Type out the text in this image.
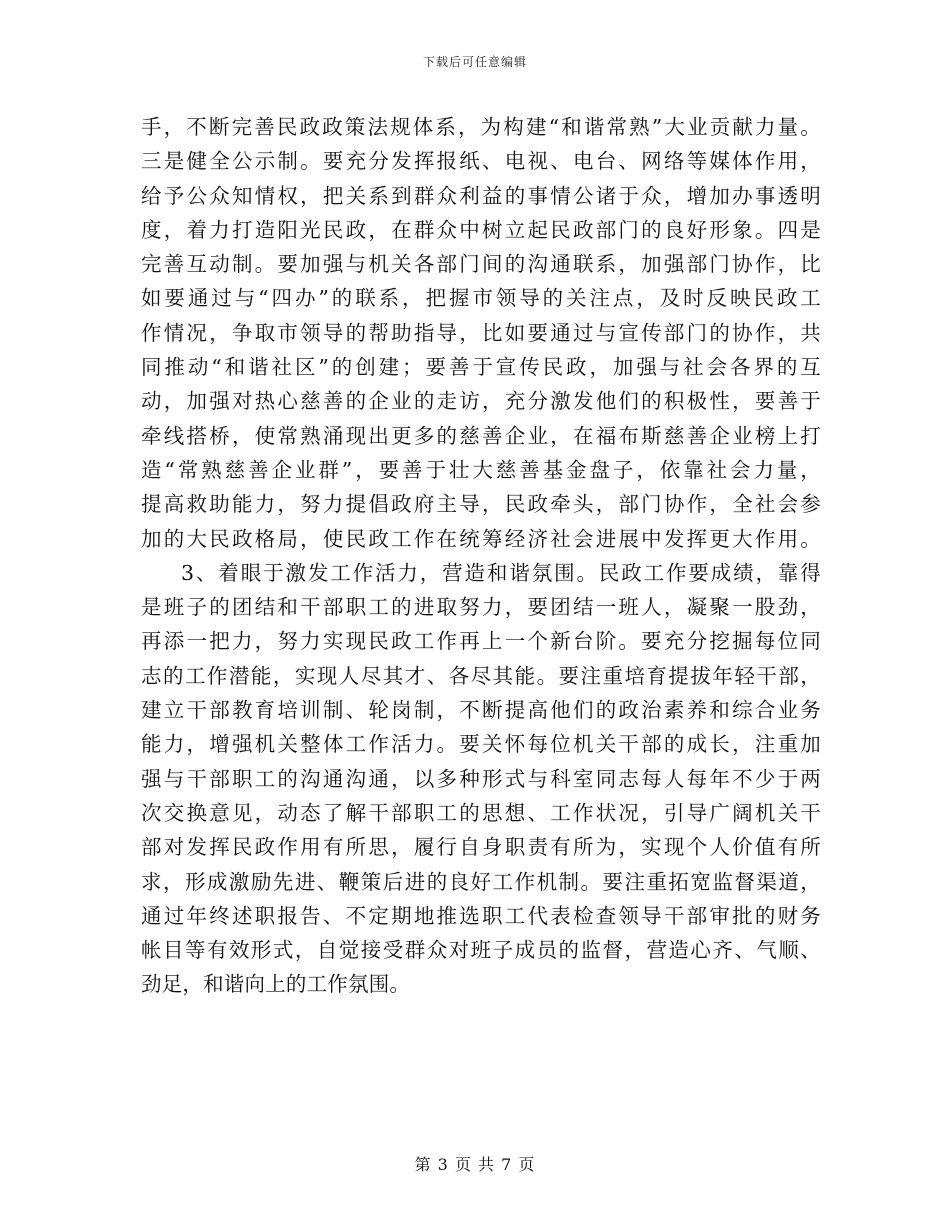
下载后可任意编辑
手，不断完善民政政策法规体系，为构建“和谐常熟”大业贡献力量。
三是健全公示制。要充分发挥报纸、电视、电台、网络等媒体作用，
给予公众知情权，把关系到群众利益的事情公诸于众，增加办事透明
度，着力打造阳光民政，在群众中树立起民政部门的良好形象。四是
完善互动制。要加强与机关各部门间的沟通联系，加强部门协作，比
如要通过与“四办”的联系，把握市领导的关注点，及时反映民政工
作情况，争取市领导的帮助指导，比如要通过与宣传部门的协作，共
同推动“和谐社区”的创建；要善于宣传民政，加强与社会各界的互
动，加强对热心慈善的企业的走访，充分激发他们的积极性，要善于
牵线搭桥，使常熟涌现出更多的慈善企业，在福布斯慈善企业榜上打
造“常熟慈善企业群”，要善于壮大慈善基金盘子，依靠社会力量，
提高救助能力，努力提倡政府主导，民政牵头，部门协作，全社会参
加的大民政格局，使民政工作在统筹经济社会进展中发挥更大作用。
3、着眼于激发工作活力，营造和谐氛围。民政工作要成绩，靠得
是班子的团结和干部职工的进取努力，要团结一班人，凝聚一股劲，
再添一把力，努力实现民政工作再上一个新台阶。要充分挖掘每位同
志的工作潜能，实现人尽其才、各尽其能。要注重培育提拔年轻干部，
建立干部教育培训制、轮岗制，不断提高他们的政治素养和综合业务
能力，增强机关整体工作活力。要关怀每位机关干部的成长，注重加
强与干部职工的沟通沟通，以多种形式与科室同志每人每年不少于两
次交换意见，动态了解干部职工的思想、工作状况，引导广阔机关干
部对发挥民政作用有所思，履行自身职责有所为，实现个人价值有所
求，形成激励先进、鞭策后进的良好工作机制。要注重拓宽监督渠道，
通过年终述职报告、不定期地推选职工代表检查领导干部审批的财务
帐目等有效形式，自觉接受群众对班子成员的监督，营造心齐、气顺、
劲足，和谐向上的工作氛围。
第 3 页 共 7 页
